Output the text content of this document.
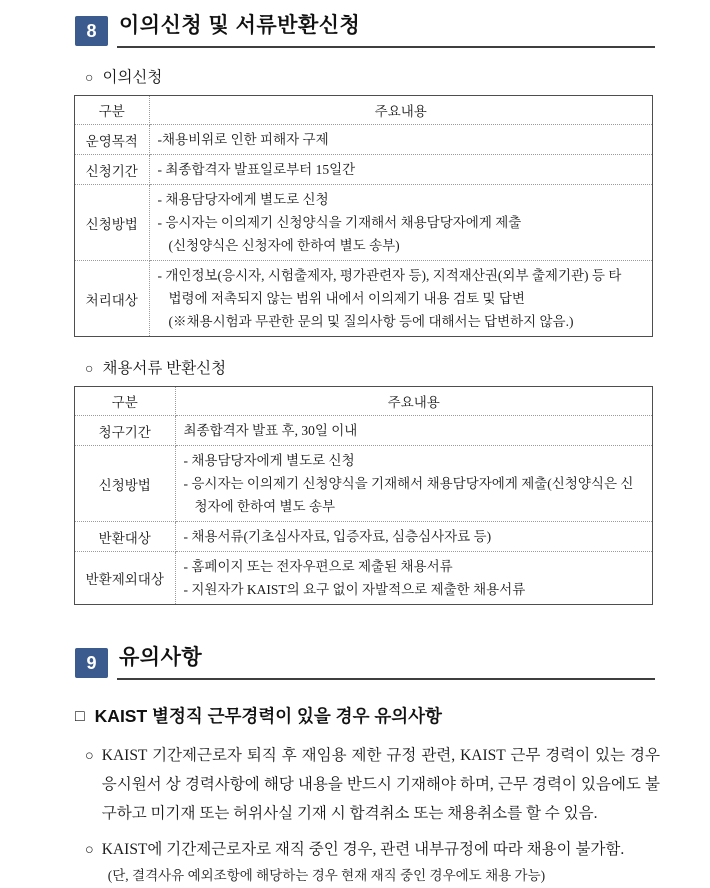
8	이의신청 및 서류반환신청
○ 이의신청
구분	주요내용
운영목적	-채용비위로 인한 피해자 구제

신청기간	- 최종합격자 발표일로부터 15일간

신청방법	- 채용담당자에게 별도로 신청
- 응시자는 이의제기 신청양식을 기재해서 채용담당자에게 제출
(신청양식은 신청자에 한하여 별도 송부)

처리대상	- 개인정보(응시자, 시험출제자, 평가관련자 등), 지적재산권(외부 출제기관) 등 타
법령에 저촉되지 않는 범위 내에서 이의제기 내용 검토 및 답변
(※채용시험과 무관한 문의 및 질의사항 등에 대해서는 답변하지 않음.)
○ 채용서류 반환신청
구분	주요내용
청구기간	최종합격자 발표 후, 30일 이내

신청방법	- 채용담당자에게 별도로 신청
- 응시자는 이의제기 신청양식을 기재해서 채용담당자에게 제출(신청양식은 신
청자에 한하여 별도 송부

반환대상	- 채용서류(기초심사자료, 입증자료, 심층심사자료 등)

반환제외대상	- 홈페이지 또는 전자우편으로 제출된 채용서류
- 지원자가 KAIST의 요구 없이 자발적으로 제출한 채용서류
9	유의사항
□ KAIST 별정직 근무경력이 있을 경우 유의사항
○ KAIST 기간제근로자 퇴직 후 재임용 제한 규정 관련, KAIST 근무 경력이 있는 경우 응시원서 상 경력사항에 해당 내용을 반드시 기재해야 하며, 근무 경력이 있음에도 불구하고 미기재 또는 허위사실 기재 시 합격취소 또는 채용취소를 할 수 있음.
○ KAIST에 기간제근로자로 재직 중인 경우, 관련 내부규정에 따라 채용이 불가함.
(단, 결격사유 예외조항에 해당하는 경우 현재 재직 중인 경우에도 채용 가능)
